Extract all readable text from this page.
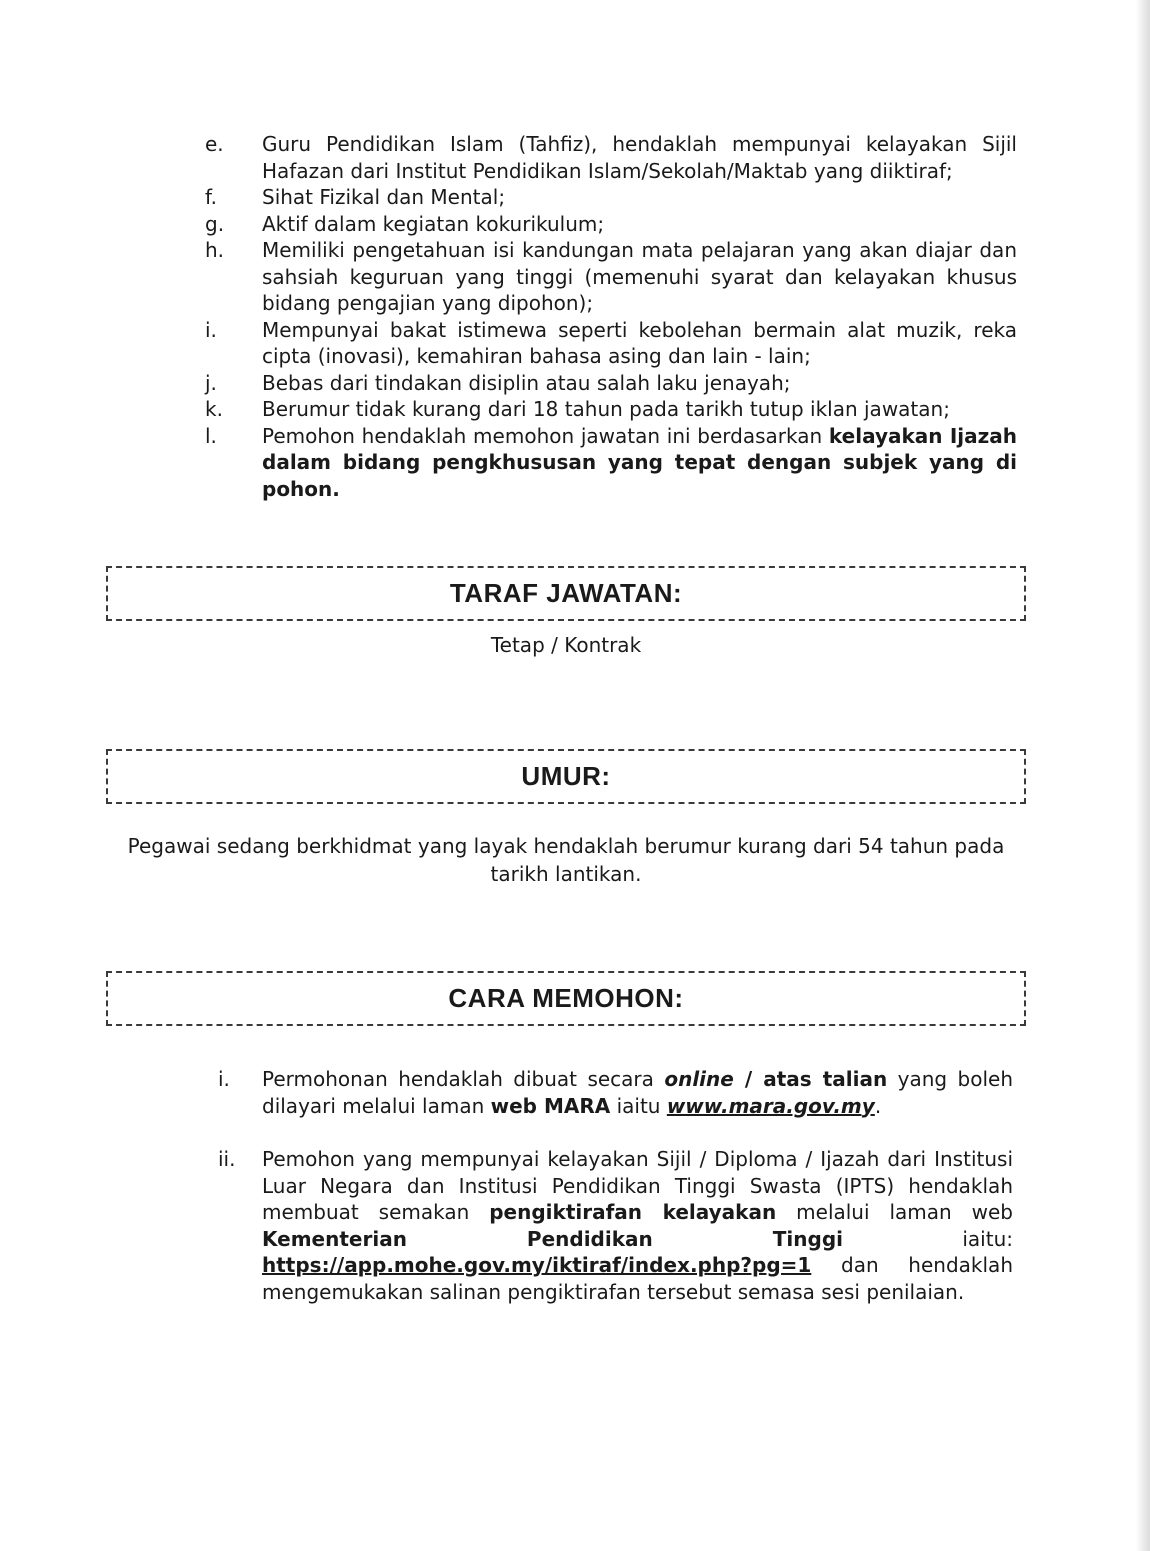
e.	Guru Pendidikan Islam (Tahfiz), hendaklah mempunyai kelayakan Sijil Hafazan dari Institut Pendidikan Islam/Sekolah/Maktab yang diiktiraf;
f.	Sihat Fizikal dan Mental;
g.	Aktif dalam kegiatan kokurikulum;
h.	Memiliki pengetahuan isi kandungan mata pelajaran yang akan diajar dan sahsiah keguruan yang tinggi (memenuhi syarat dan kelayakan khusus bidang pengajian yang dipohon);
i.	Mempunyai bakat istimewa seperti kebolehan bermain alat muzik, reka cipta (inovasi), kemahiran bahasa asing dan lain - lain;
j.	Bebas dari tindakan disiplin atau salah laku jenayah;
k.	Berumur tidak kurang dari 18 tahun pada tarikh tutup iklan jawatan;
l.	Pemohon hendaklah memohon jawatan ini berdasarkan kelayakan Ijazah dalam bidang pengkhususan yang tepat dengan subjek yang di pohon.
TARAF JAWATAN:
Tetap / Kontrak
UMUR:
Pegawai sedang berkhidmat yang layak hendaklah berumur kurang dari 54 tahun pada
tarikh lantikan.
CARA MEMOHON:
i.	Permohonan hendaklah dibuat secara online / atas talian yang boleh dilayari melalui laman web MARA iaitu www.mara.gov.my.
ii.	Pemohon yang mempunyai kelayakan Sijil / Diploma / Ijazah dari Institusi Luar Negara dan Institusi Pendidikan Tinggi Swasta (IPTS) hendaklah membuat semakan pengiktirafan kelayakan melalui laman web Kementerian Pendidikan Tinggi iaitu: https://app.mohe.gov.my/iktiraf/index.php?pg=1 dan hendaklah mengemukakan salinan pengiktirafan tersebut semasa sesi penilaian.
